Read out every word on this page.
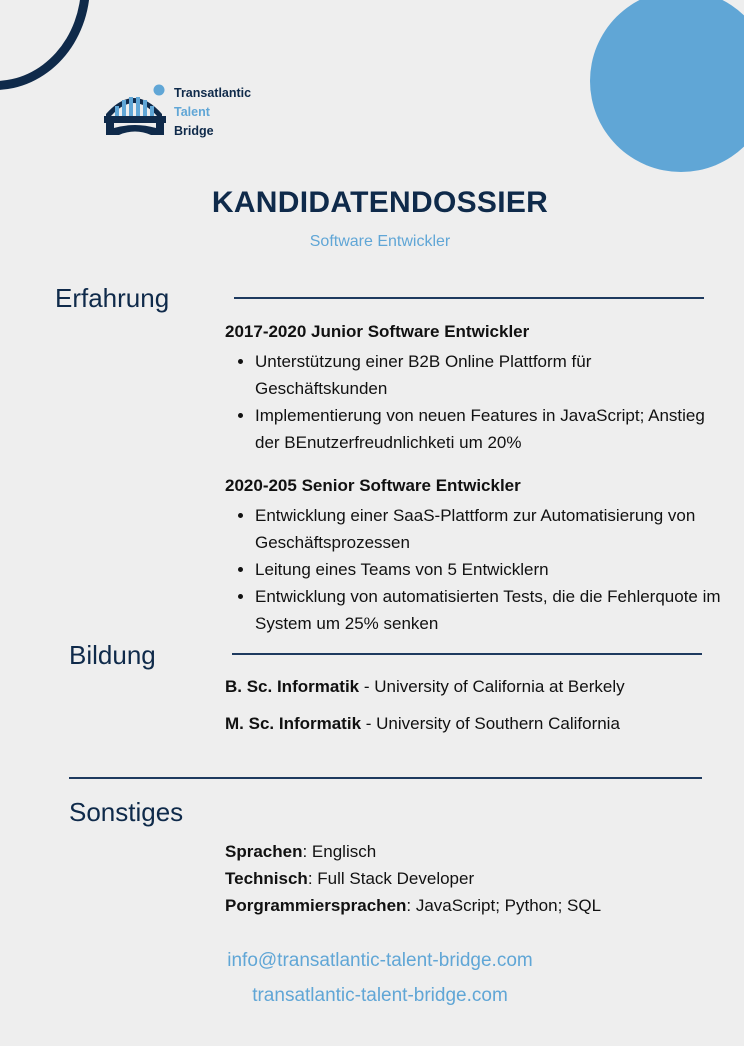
Transatlantic
Talent
Bridge
KANDIDATENDOSSIER
Software Entwickler
Erfahrung
2017-2020 Junior Software Entwickler
• Unterstützung einer B2B Online Plattform für Geschäftskunden
• Implementierung von neuen Features in JavaScript; Anstieg der BEnutzerfreudnlichketi um 20%
2020-205 Senior Software Entwickler
• Entwicklung einer SaaS-Plattform zur Automatisierung von Geschäftsprozessen
• Leitung eines Teams von 5 Entwicklern
• Entwicklung von automatisierten Tests, die die Fehlerquote im System um 25% senken
Bildung
B. Sc. Informatik - University of California at Berkely
M. Sc. Informatik - University of Southern California
Sonstiges
Sprachen: Englisch
Technisch: Full Stack Developer
Porgrammiersprachen: JavaScript; Python; SQL
info@transatlantic-talent-bridge.com
transatlantic-talent-bridge.com
